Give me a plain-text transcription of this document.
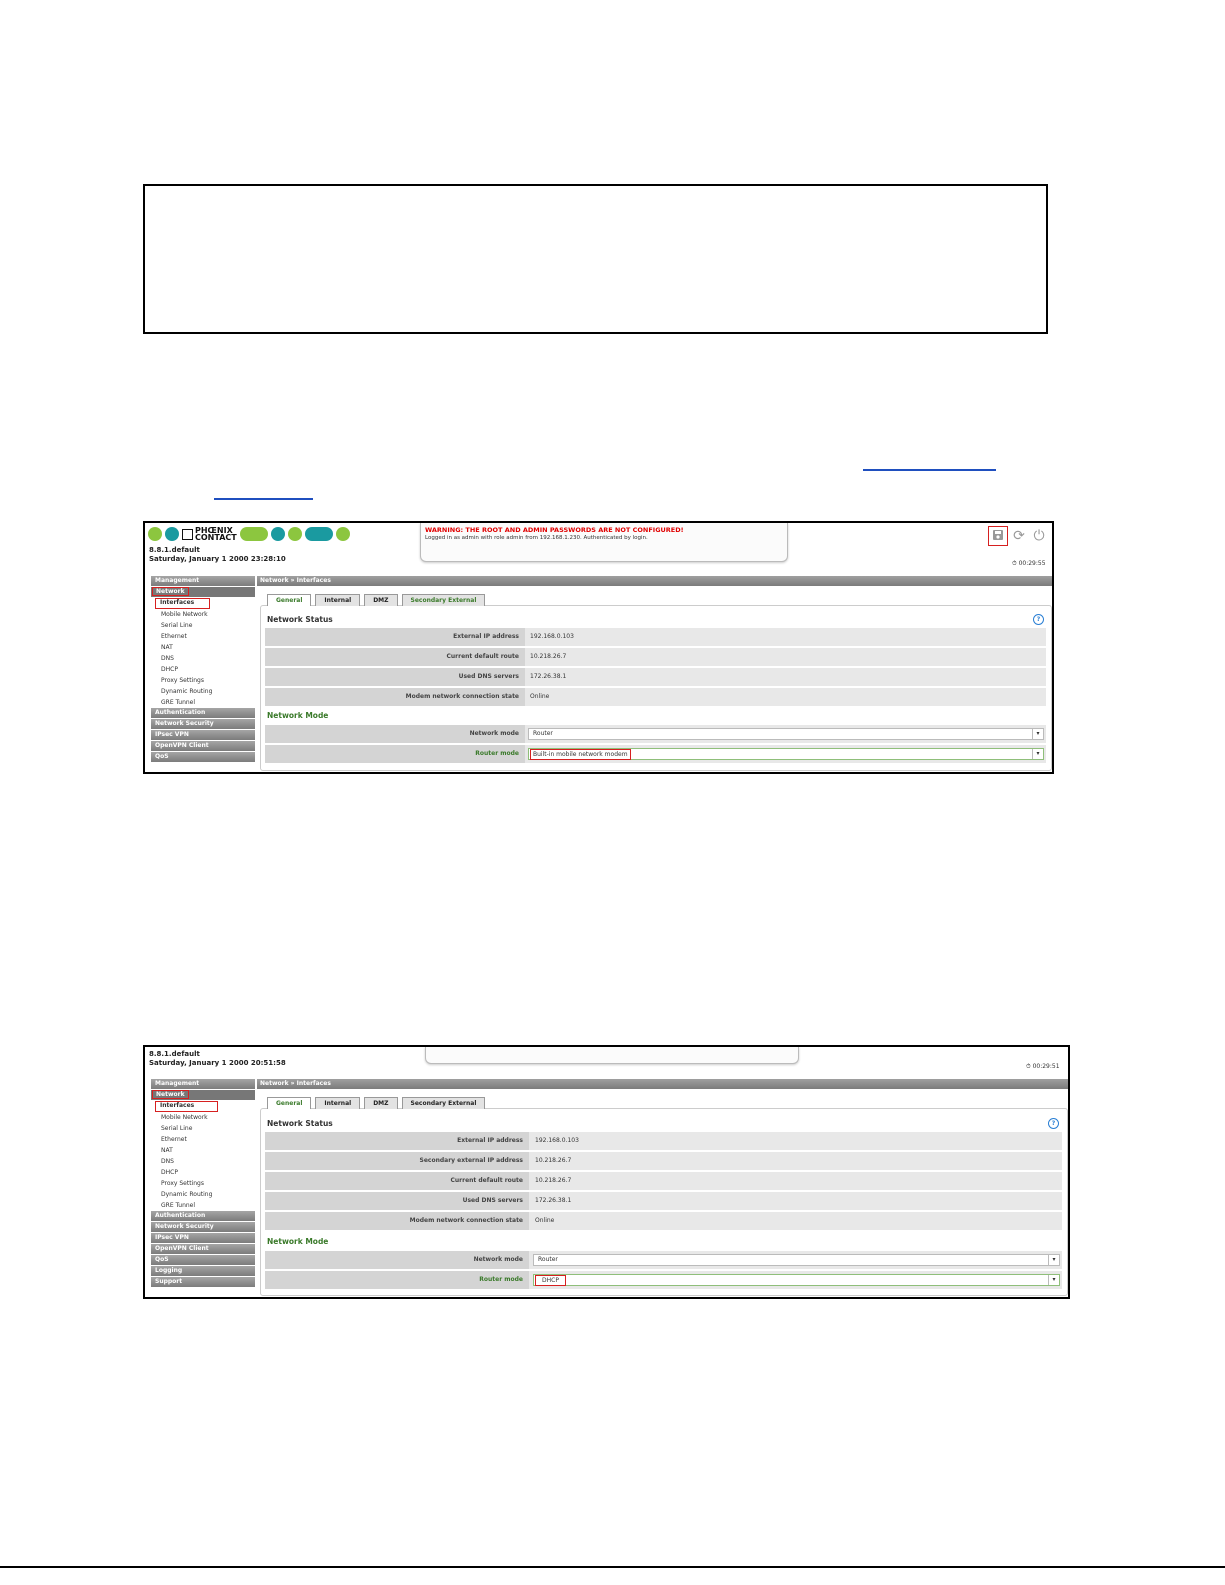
PHŒNIX
CONTACT
8.8.1.default
Saturday, January 1 2000 23:28:10
WARNING: THE ROOT AND ADMIN PASSWORDS ARE NOT CONFIGURED!
Logged in as admin with role admin from 192.168.1.230. Authenticated by login.	⟳ ⏻
⏱ 00:29:55
Management
Network
Interfaces
Mobile Network
Serial Line
Ethernet
NAT
DNS
DHCP
Proxy Settings
Dynamic Routing
GRE Tunnel
Authentication
Network Security
IPsec VPN
OpenVPN Client
QoS
Network » Interfaces
General	Internal	DMZ	Secondary External
Network Status	?
External IP address	192.168.0.103
Current default route	10.218.26.7
Used DNS servers	172.26.38.1
Modem network connection state	Online
Network Mode
Network mode	Router	▾
Router mode	Built-in mobile network modem	▾
8.8.1.default
Saturday, January 1 2000 20:51:58	⏱ 00:29:51
Management
Network
Interfaces
Mobile Network
Serial Line
Ethernet
NAT
DNS
DHCP
Proxy Settings
Dynamic Routing
GRE Tunnel
Authentication
Network Security
IPsec VPN
OpenVPN Client
QoS
Logging
Support
Network » Interfaces
General	Internal	DMZ	Secondary External
Network Status	?
External IP address	192.168.0.103
Secondary external IP address	10.218.26.7
Current default route	10.218.26.7
Used DNS servers	172.26.38.1
Modem network connection state	Online
Network Mode
Network mode	Router	▾
Router mode	DHCP	▾
